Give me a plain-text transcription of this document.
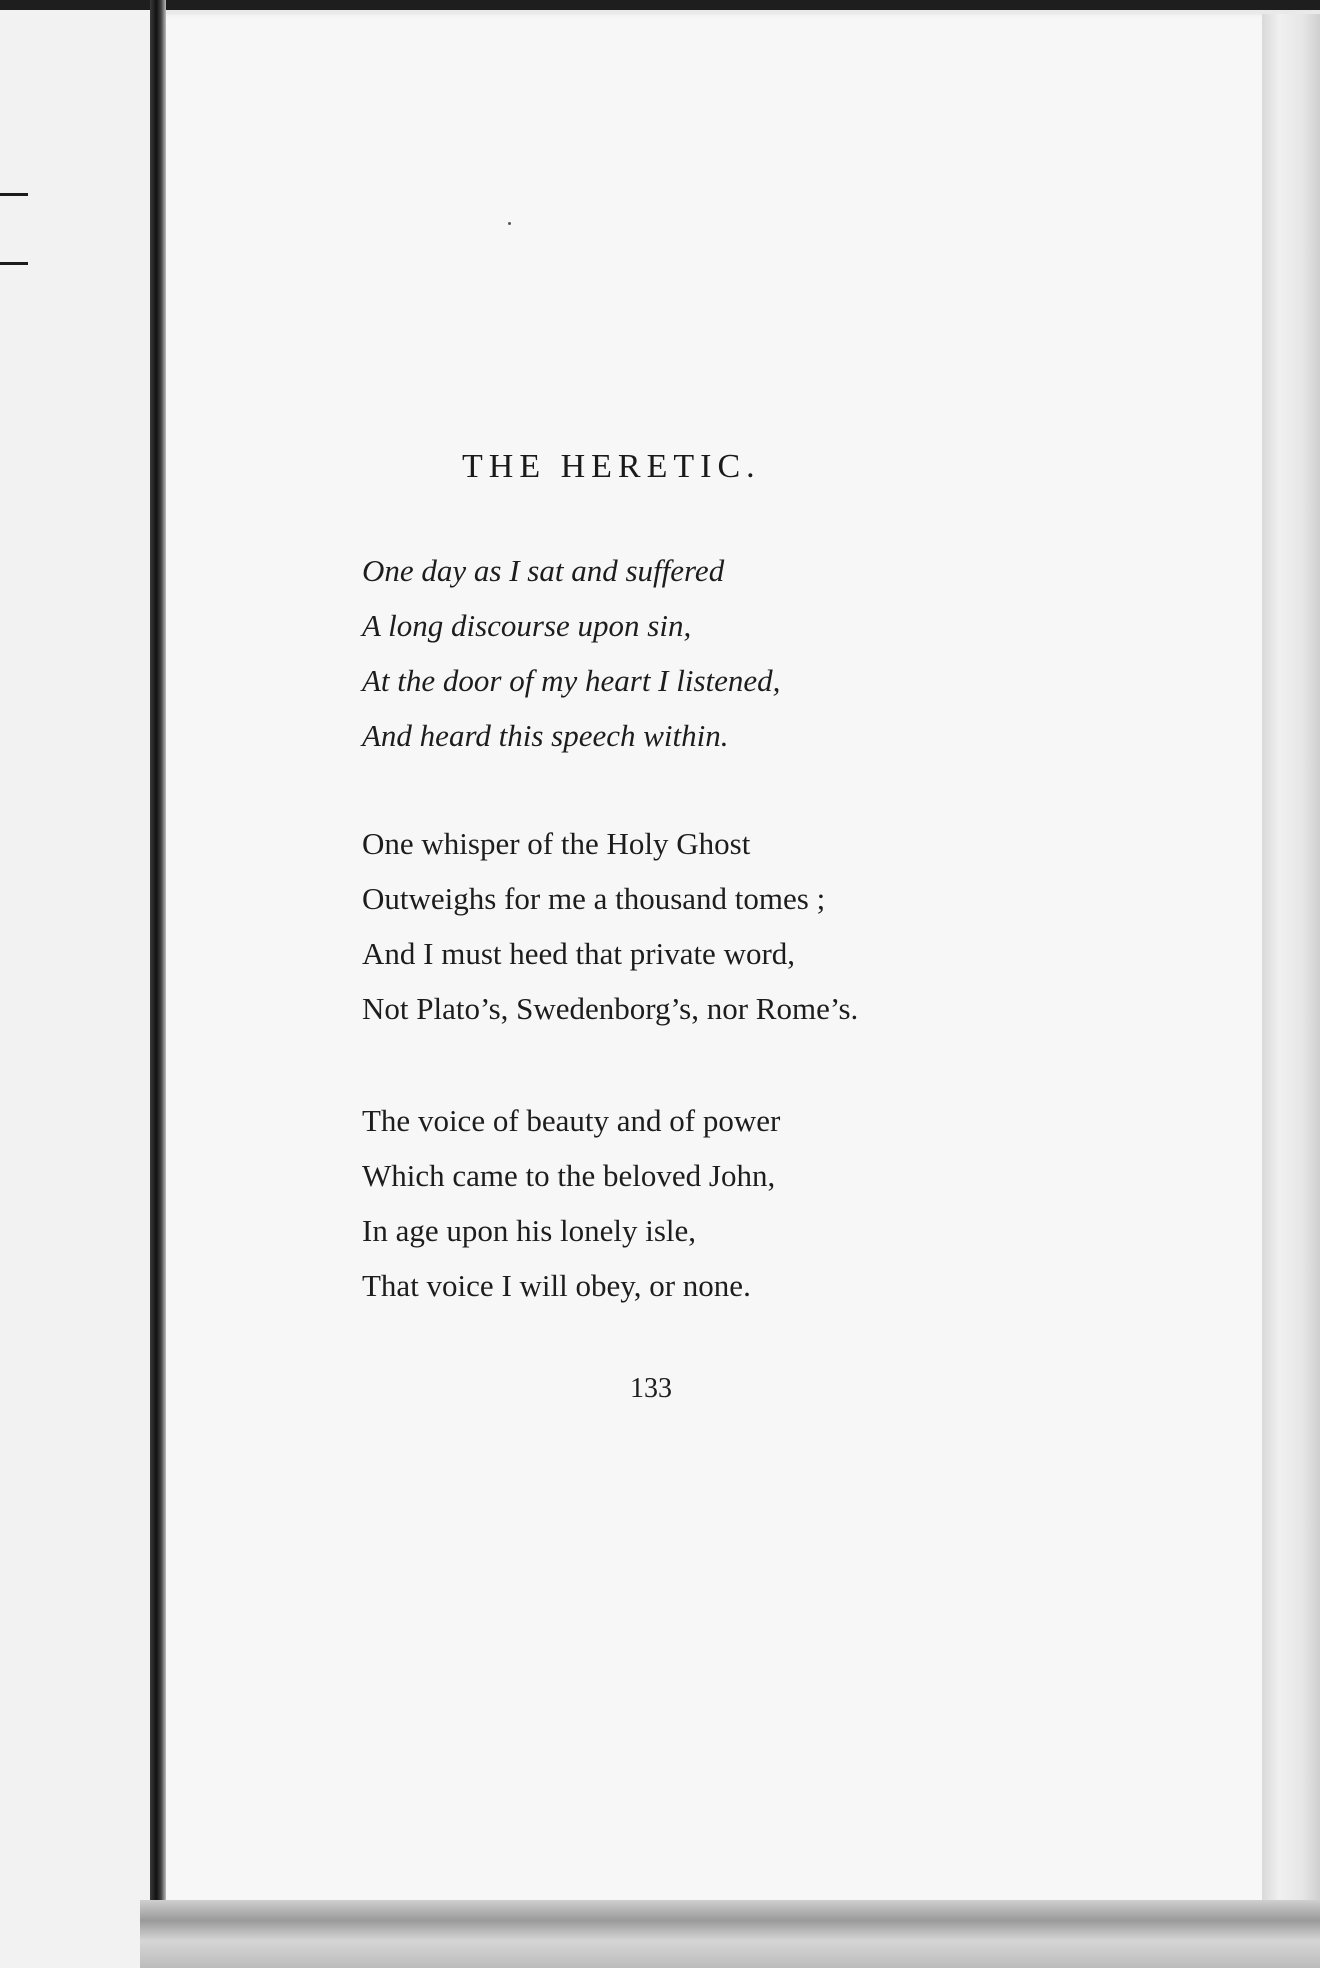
THE HERETIC.
One day as I sat and suffered
A long discourse upon sin,
At the door of my heart I listened,
And heard this speech within.
One whisper of the Holy Ghost
Outweighs for me a thousand tomes ;
And I must heed that private word,
Not Plato’s, Swedenborg’s, nor Rome’s.
The voice of beauty and of power
Which came to the beloved John,
In age upon his lonely isle,
That voice I will obey, or none.
133
